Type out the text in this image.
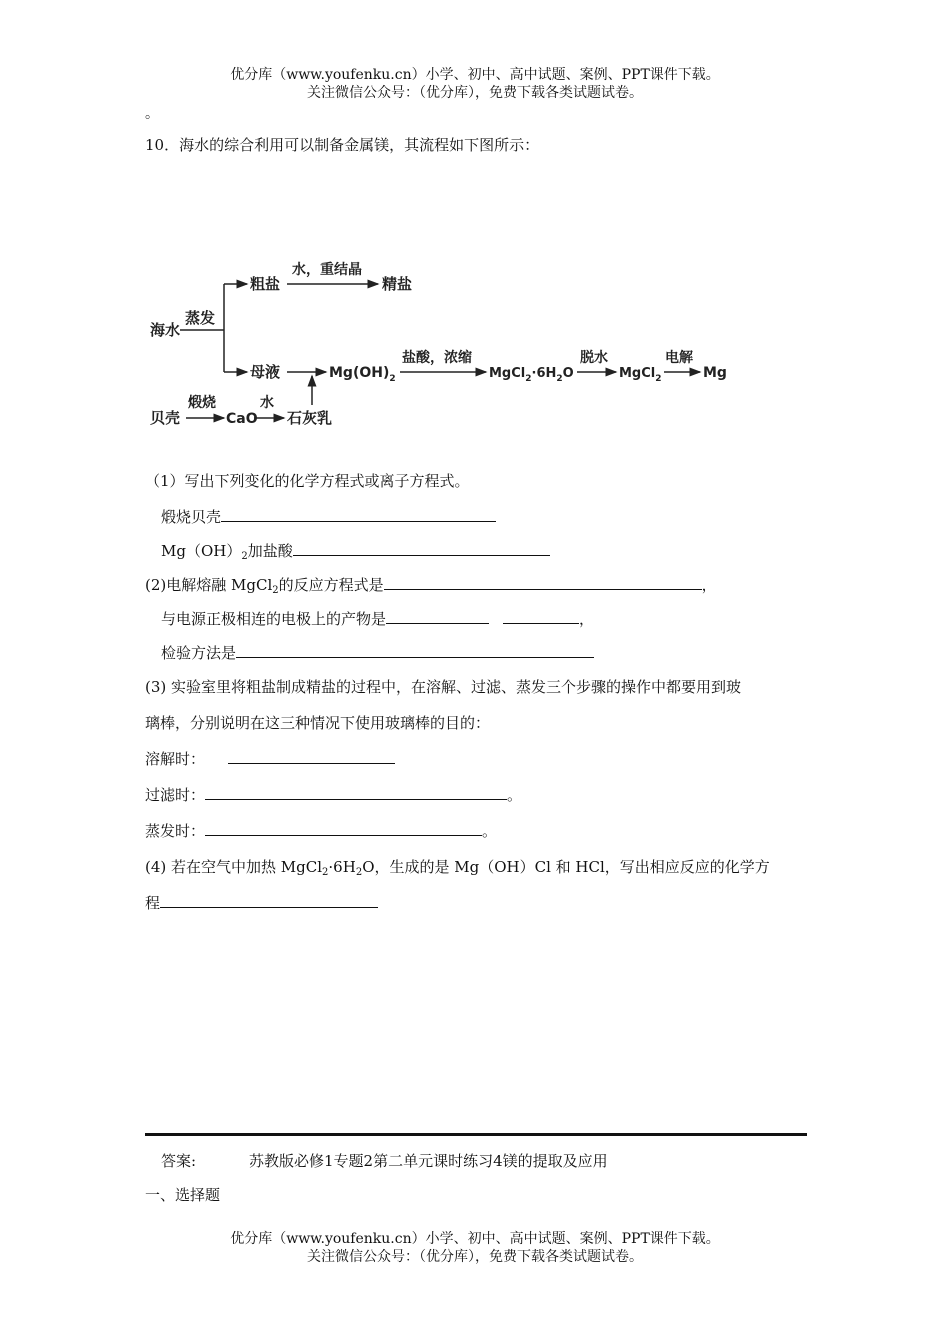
优分库（www.youfenku.cn）小学、初中、高中试题、案例、PPT课件下载。
关注微信公众号：（优分库），免费下载各类试题试卷。
。
10．海水的综合利用可以制备金属镁，其流程如下图所示：
海水
蒸发
粗盐
水，重结晶
精盐
母液	$Mg(OH)_2$
盐酸，浓缩
$MgCl_2\cdot 6H_2O$
脱水
MgCl$_2$
电解
Mg
贝壳
煅烧
CaO
水
石灰乳
（1）写出下列变化的化学方程式或离子方程式。
煅烧贝壳
$Mg(OH)_2$加盐酸
(2)电解熔融 MgCl$_2$的反应方程式是	，
与电源正极相连的电极上的产物是	，
检验方法是
(3) 实验室里将粗盐制成精盐的过程中，在溶解、过滤、蒸发三个步骤的操作中都要用到玻
璃棒，分别说明在这三种情况下使用玻璃棒的目的：
溶解时：
过滤时：	。
蒸发时：	。
(4) 若在空气中加热 $MgCl_2\cdot 6H_2O$，生成的是 Mg（OH）Cl 和 HCl，写出相应反应的化学方
程
答案:	苏教版必修1专题2第二单元课时练习4镁的提取及应用
一、选择题
优分库（www.youfenku.cn）小学、初中、高中试题、案例、PPT课件下载。
关注微信公众号：（优分库），免费下载各类试题试卷。
